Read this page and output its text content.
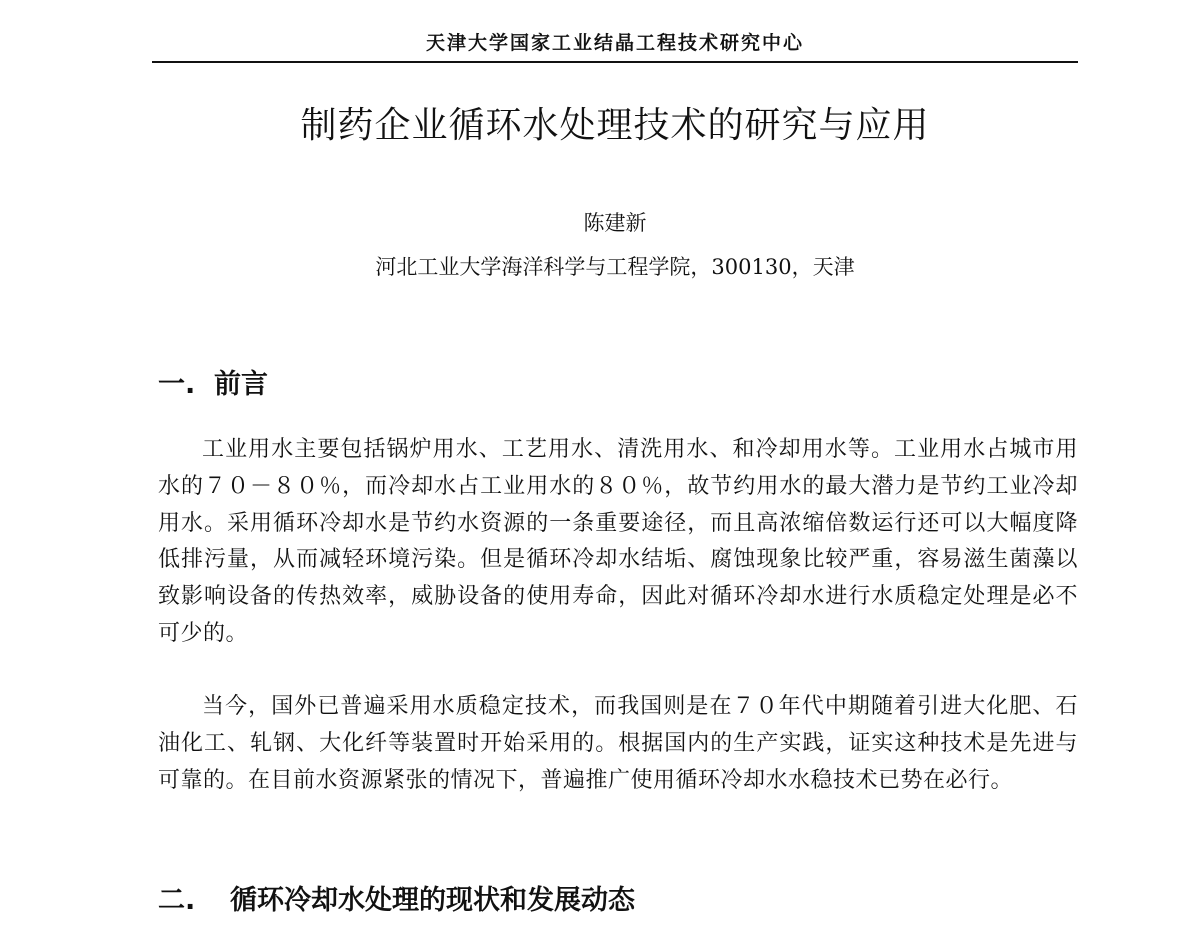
天津大学国家工业结晶工程技术研究中心
制药企业循环水处理技术的研究与应用
陈建新
河北工业大学海洋科学与工程学院，300130，天津
一. 前言

工业用水主要包括锅炉用水、工艺用水、清洗用水、和冷却用水等。工业用水占城市用水的７０－８０％，而冷却水占工业用水的８０％，故节约用水的最大潜力是节约工业冷却用水。采用循环冷却水是节约水资源的一条重要途径，而且高浓缩倍数运行还可以大幅度降低排污量，从而减轻环境污染。但是循环冷却水结垢、腐蚀现象比较严重，容易滋生菌藻以致影响设备的传热效率，威胁设备的使用寿命，因此对循环冷却水进行水质稳定处理是必不可少的。

当今，国外已普遍采用水质稳定技术，而我国则是在７０年代中期随着引进大化肥、石油化工、轧钢、大化纤等装置时开始采用的。根据国内的生产实践，证实这种技术是先进与可靠的。在目前水资源紧张的情况下，普遍推广使用循环冷却水水稳技术已势在必行。

二. 循环冷却水处理的现状和发展动态
